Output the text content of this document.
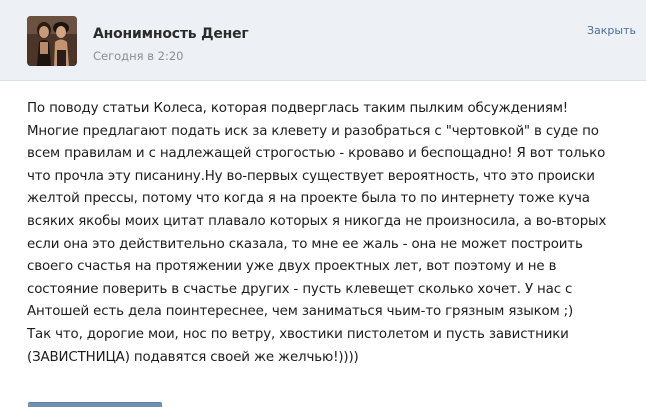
Анонимность Денег
Сегодня в 2:20
Закрыть
По поводу статьи Колеса, которая подверглась таким пылким обсуждениям!
Многие предлагают подать иск за клевету и разобраться с "чертовкой" в суде по
всем правилам и с надлежащей строгостью - кроваво и беспощадно! Я вот только
что прочла эту писанину.Ну во-первых существует вероятность, что это происки
желтой прессы, потому что когда я на проекте была то по интернету тоже куча
всяких якобы моих цитат плавало которых я никогда не произносила, а во-вторых
если она это действительно сказала, то мне ее жаль - она не может построить
своего счастья на протяжении уже двух проектных лет, вот поэтому и не в
состояние поверить в счастье других - пусть клевещет сколько хочет. У нас с
Антошей есть дела поинтереснее, чем заниматься чьим-то грязным языком ;)
Так что, дорогие мои, нос по ветру, хвостики пистолетом и пусть завистники
(ЗАВИСТНИЦА) подавятся своей же желчью!))))
